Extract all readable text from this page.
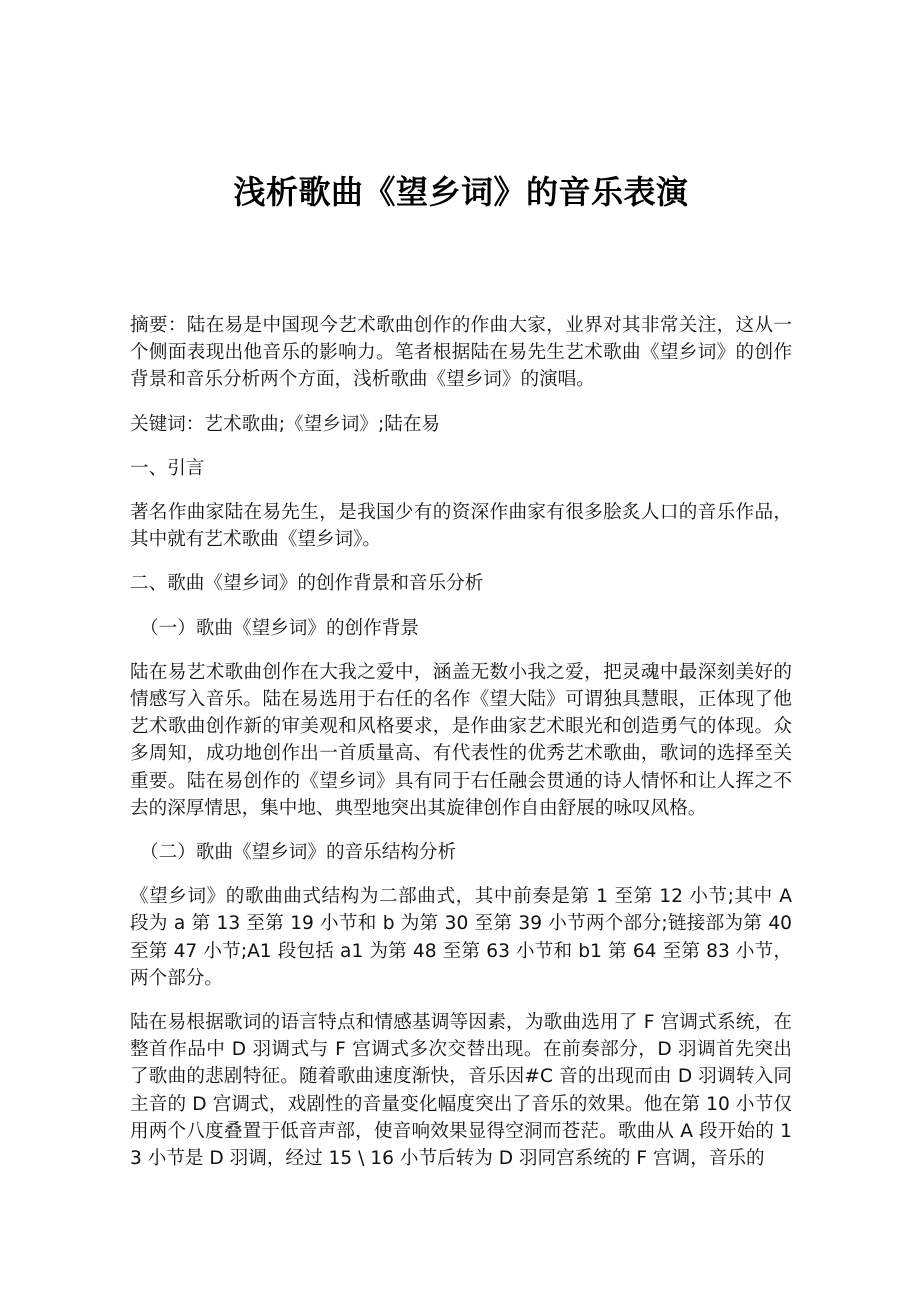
浅析歌曲《望乡词》的音乐表演

摘要：陆在易是中国现今艺术歌曲创作的作曲大家，业界对其非常关注，这从一个侧面表现出他音乐的影响力。笔者根据陆在易先生艺术歌曲《望乡词》的创作背景和音乐分析两个方面，浅析歌曲《望乡词》的演唱。

关键词：艺术歌曲;《望乡词》;陆在易

一、引言

著名作曲家陆在易先生，是我国少有的资深作曲家有很多脍炙人口的音乐作品，其中就有艺术歌曲《望乡词》。

二、歌曲《望乡词》的创作背景和音乐分析

（一）歌曲《望乡词》的创作背景

陆在易艺术歌曲创作在大我之爱中，涵盖无数小我之爱，把灵魂中最深刻美好的情感写入音乐。陆在易选用于右任的名作《望大陆》可谓独具慧眼，正体现了他艺术歌曲创作新的审美观和风格要求，是作曲家艺术眼光和创造勇气的体现。众多周知，成功地创作出一首质量高、有代表性的优秀艺术歌曲，歌词的选择至关重要。陆在易创作的《望乡词》具有同于右任融会贯通的诗人情怀和让人挥之不去的深厚情思，集中地、典型地突出其旋律创作自由舒展的咏叹风格。

（二）歌曲《望乡词》的音乐结构分析

《望乡词》的歌曲曲式结构为二部曲式，其中前奏是第 1 至第 12 小节;其中 A 段为 a 第 13 至第 19 小节和 b 为第 30 至第 39 小节两个部分;链接部为第 40 至第 47 小节;A1 段包括 a1 为第 48 至第 63 小节和 b1 第 64 至第 83 小节，两个部分。

陆在易根据歌词的语言特点和情感基调等因素，为歌曲选用了 F 宫调式系统，在整首作品中 D 羽调式与 F 宫调式多次交替出现。在前奏部分，D 羽调首先突出了歌曲的悲剧特征。随着歌曲速度渐快，音乐因#C 音的出现而由 D 羽调转入同主音的 D 宫调式，戏剧性的音量变化幅度突出了音乐的效果。他在第 10 小节仅用两个八度叠置于低音声部，使音响效果显得空洞而苍茫。歌曲从 A 段开始的 13 小节是 D 羽调，经过 15 \ 16 小节后转为 D 羽同宫系统的 F 宫调，音乐的
